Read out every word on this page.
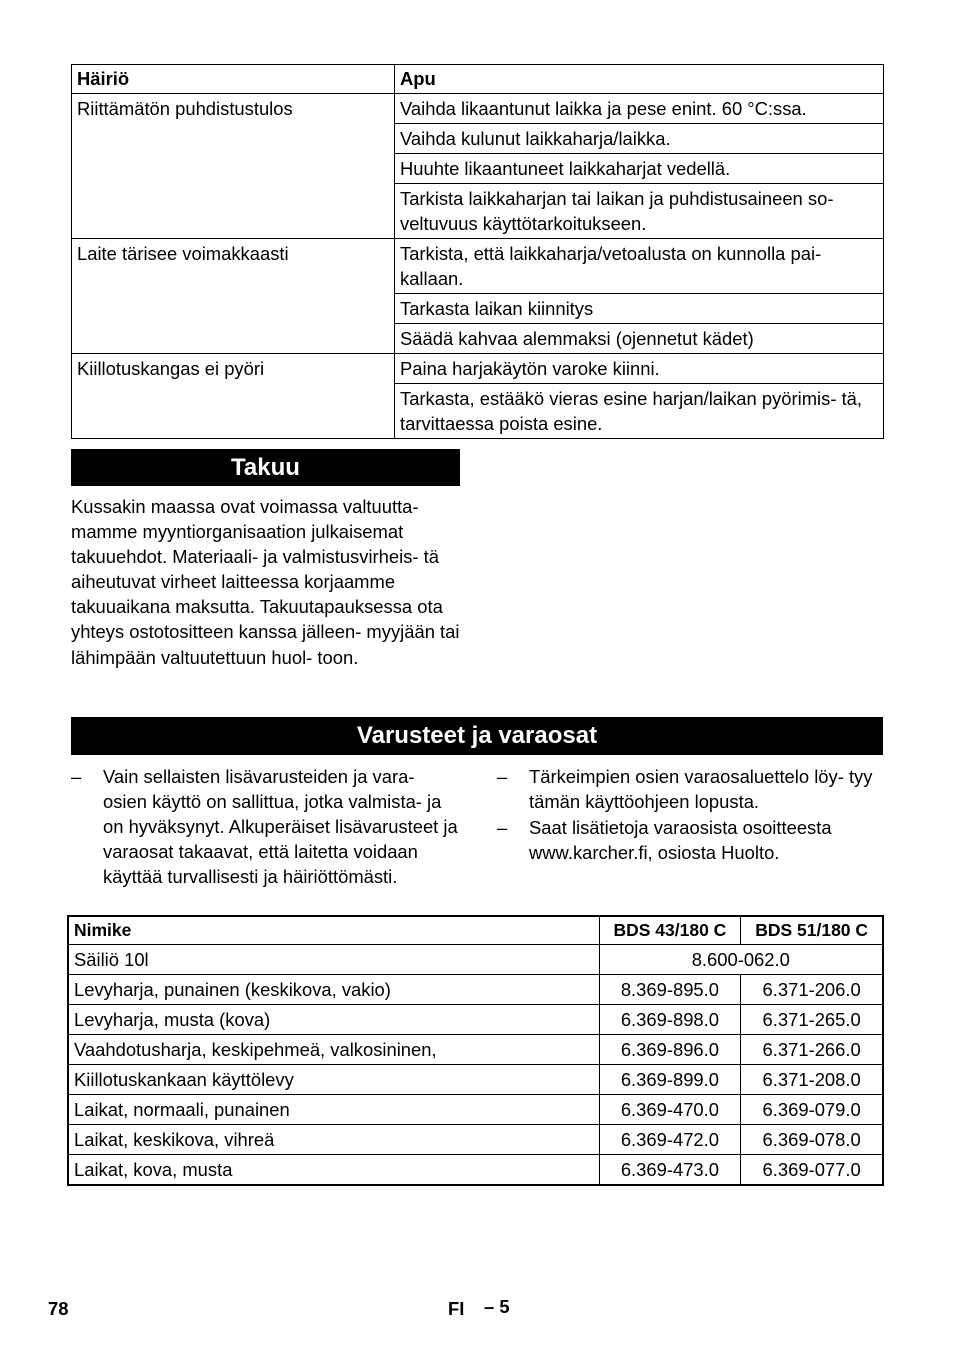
Häiriö	Apu
Riittämätön puhdistustulos	Vaihda likaantunut laikka ja pese enint. 60 °C:ssa.
	Vaihda kulunut laikkaharja/laikka.
	Huuhte likaantuneet laikkaharjat vedellä.
	Tarkista laikkaharjan tai laikan ja puhdistusaineen so- veltuvuus käyttötarkoitukseen.
Laite tärisee voimakkaasti	Tarkista, että laikkaharja/vetoalusta on kunnolla pai- kallaan.
	Tarkasta laikan kiinnitys
	Säädä kahvaa alemmaksi (ojennetut kädet)
Kiillotuskangas ei pyöri	Paina harjakäytön varoke kiinni.
	Tarkasta, estääkö vieras esine harjan/laikan pyörimis- tä, tarvittaessa poista esine.
Takuu
Kussakin maassa ovat voimassa valtuutta- mamme myyntiorganisaation julkaisemat takuuehdot. Materiaali- ja valmistusvirheis- tä aiheutuvat virheet laitteessa korjaamme takuuaikana maksutta. Takuutapauksessa ota yhteys ostotositteen kanssa jälleen- myyjään tai lähimpään valtuutettuun huol- toon.
Varusteet ja varaosat
– Vain sellaisten lisävarusteiden ja vara- osien käyttö on sallittua, jotka valmista- ja on hyväksynyt. Alkuperäiset lisävarusteet ja varaosat takaavat, että laitetta voidaan käyttää turvallisesti ja häiriöttömästi.
– Tärkeimpien osien varaosaluettelo löy- tyy tämän käyttöohjeen lopusta.
– Saat lisätietoja varaosista osoitteesta www.karcher.fi, osiosta Huolto.
Nimike	BDS 43/180 C	BDS 51/180 C
Säiliö 10l	8.600-062.0	
Levyharja, punainen (keskikova, vakio)	8.369-895.0	6.371-206.0
Levyharja, musta (kova)	6.369-898.0	6.371-265.0
Vaahdotusharja, keskipehmeä, valkosininen,	6.369-896.0	6.371-266.0
Kiillotuskankaan käyttölevy	6.369-899.0	6.371-208.0
Laikat, normaali, punainen	6.369-470.0	6.369-079.0
Laikat, keskikova, vihreä	6.369-472.0	6.369-078.0
Laikat, kova, musta	6.369-473.0	6.369-077.0
78	FI – 5
